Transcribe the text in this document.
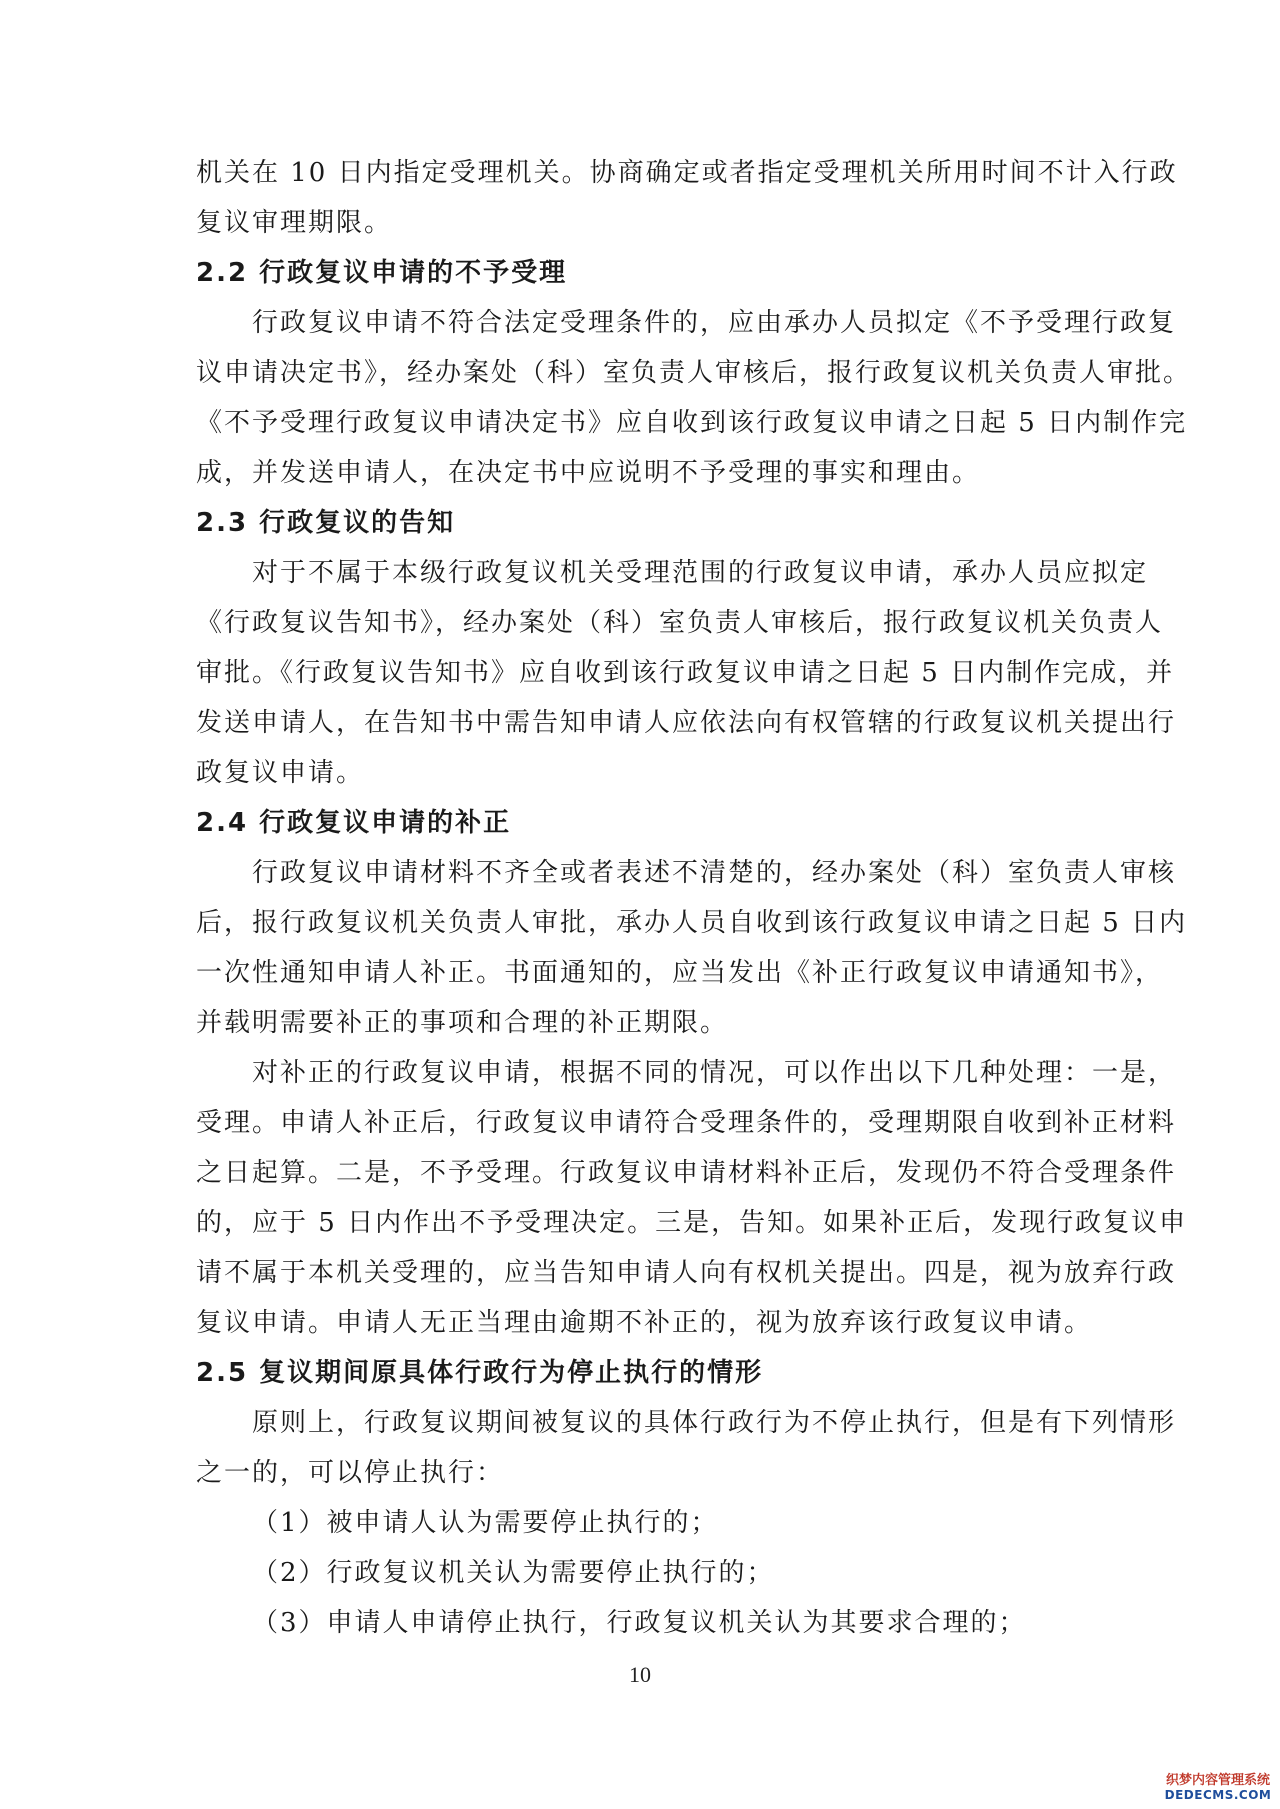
机关在 10 日内指定受理机关。协商确定或者指定受理机关所用时间不计入行政
复议审理期限。
2.2 行政复议申请的不予受理
行政复议申请不符合法定受理条件的，应由承办人员拟定《不予受理行政复
议申请决定书》，经办案处（科）室负责人审核后，报行政复议机关负责人审批。
《不予受理行政复议申请决定书》应自收到该行政复议申请之日起 5 日内制作完
成，并发送申请人，在决定书中应说明不予受理的事实和理由。
2.3 行政复议的告知
对于不属于本级行政复议机关受理范围的行政复议申请，承办人员应拟定
《行政复议告知书》，经办案处（科）室负责人审核后，报行政复议机关负责人
审批。《行政复议告知书》应自收到该行政复议申请之日起 5 日内制作完成，并
发送申请人，在告知书中需告知申请人应依法向有权管辖的行政复议机关提出行
政复议申请。
2.4 行政复议申请的补正
行政复议申请材料不齐全或者表述不清楚的，经办案处（科）室负责人审核
后，报行政复议机关负责人审批，承办人员自收到该行政复议申请之日起 5 日内
一次性通知申请人补正。书面通知的，应当发出《补正行政复议申请通知书》，
并载明需要补正的事项和合理的补正期限。
对补正的行政复议申请，根据不同的情况，可以作出以下几种处理：一是，
受理。申请人补正后，行政复议申请符合受理条件的，受理期限自收到补正材料
之日起算。二是，不予受理。行政复议申请材料补正后，发现仍不符合受理条件
的，应于 5 日内作出不予受理决定。三是，告知。如果补正后，发现行政复议申
请不属于本机关受理的，应当告知申请人向有权机关提出。四是，视为放弃行政
复议申请。申请人无正当理由逾期不补正的，视为放弃该行政复议申请。
2.5 复议期间原具体行政行为停止执行的情形
原则上，行政复议期间被复议的具体行政行为不停止执行，但是有下列情形
之一的，可以停止执行：
（1）被申请人认为需要停止执行的；
（2）行政复议机关认为需要停止执行的；
（3）申请人申请停止执行，行政复议机关认为其要求合理的；
10
织梦内容管理系统
DEDECMS.COM
